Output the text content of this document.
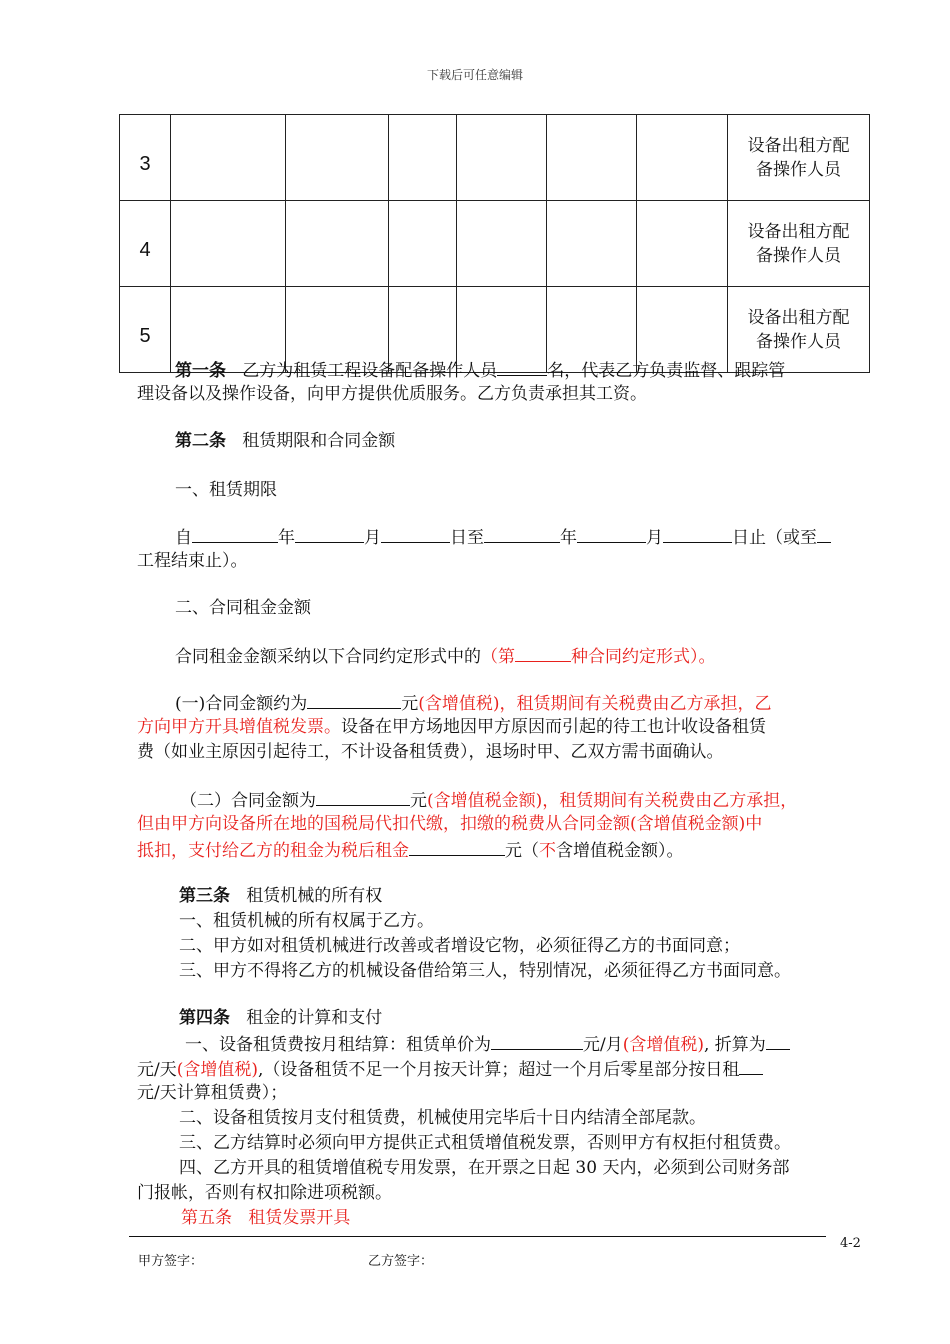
下载后可任意编辑
3							设备出租方配
备操作人员
4							设备出租方配
备操作人员
5							设备出租方配
备操作人员
第一条 乙方为租赁工程设备配备操作人员	名，代表乙方负责监督、跟踪管
理设备以及操作设备，向甲方提供优质服务。乙方负责承担其工资。
第二条 租赁期限和合同金额
一、租赁期限
自	年	月	日至	年	月	日止（或至
工程结束止）。
二、合同租金金额
合同租金金额采纳以下合同约定形式中的（第	种合同约定形式）。
(一)合同金额约为	元(含增值税)，租赁期间有关税费由乙方承担，乙
方向甲方开具增值税发票。设备在甲方场地因甲方原因而引起的待工也计收设备租赁
费（如业主原因引起待工，不计设备租赁费），退场时甲、乙双方需书面确认。
（二）合同金额为	元(含增值税金额)，租赁期间有关税费由乙方承担，
但由甲方向设备所在地的国税局代扣代缴，扣缴的税费从合同金额(含增值税金额)中
抵扣，支付给乙方的租金为税后租金	元（不含增值税金额）。
第三条 租赁机械的所有权
一、租赁机械的所有权属于乙方。
二、甲方如对租赁机械进行改善或者增设它物，必须征得乙方的书面同意；
三、甲方不得将乙方的机械设备借给第三人，特别情况，必须征得乙方书面同意。
第四条 租金的计算和支付
一、设备租赁费按月租结算：租赁单价为	元/月(含增值税), 折算为
元/天(含增值税),（设备租赁不足一个月按天计算；超过一个月后零星部分按日租
元/天计算租赁费）；
二、设备租赁按月支付租赁费，机械使用完毕后十日内结清全部尾款。
三、乙方结算时必须向甲方提供正式租赁增值税发票，否则甲方有权拒付租赁费。
四、乙方开具的租赁增值税专用发票，在开票之日起 30 天内，必须到公司财务部
门报帐，否则有权扣除进项税额。
第五条 租赁发票开具
4-2
甲方签字：	乙方签字：
